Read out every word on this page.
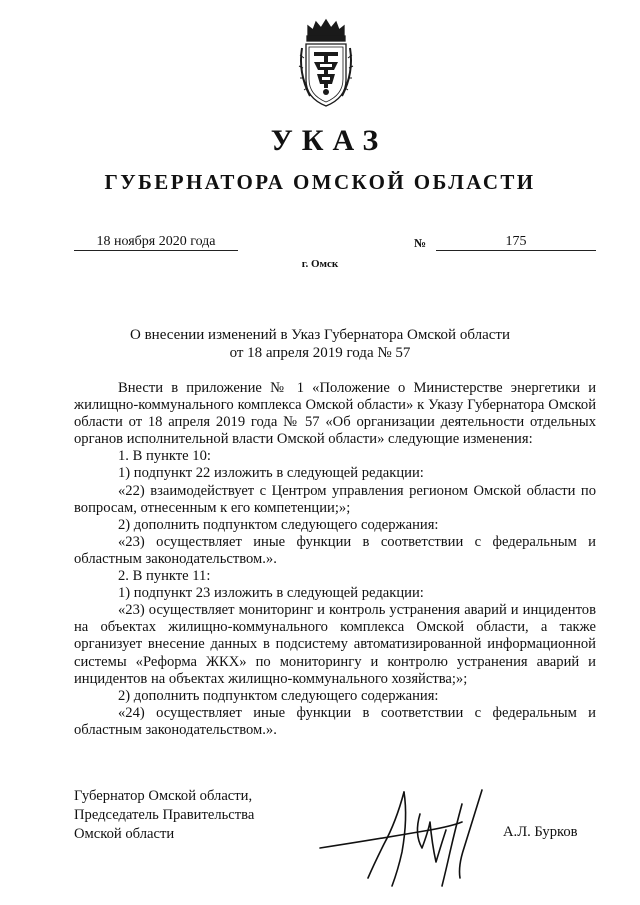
УКАЗ
ГУБЕРНАТОРА ОМСКОЙ ОБЛАСТИ
18 ноября 2020 года	№	175
г. Омск
О внесении изменений в Указ Губернатора Омской области
от 18 апреля 2019 года № 57

Внести в приложение № 1 «Положение о Министерстве энергетики и жилищно-коммунального комплекса Омской области» к Указу Губернатора Омской области от 18 апреля 2019 года № 57 «Об организации деятельности отдельных органов исполнительной власти Омской области» следующие изменения:

1. В пункте 10:

1) подпункт 22 изложить в следующей редакции:

«22) взаимодействует с Центром управления регионом Омской области по вопросам, отнесенным к его компетенции;»;

2) дополнить подпунктом следующего содержания:

«23) осуществляет иные функции в соответствии с федеральным и областным законодательством.».

2. В пункте 11:

1) подпункт 23 изложить в следующей редакции:

«23) осуществляет мониторинг и контроль устранения аварий и инцидентов на объектах жилищно-коммунального комплекса Омской области, а также организует внесение данных в подсистему автоматизированной информационной системы «Реформа ЖКХ» по мониторингу и контролю устранения аварий и инцидентов на объектах жилищно-коммунального хозяйства;»;

2) дополнить подпунктом следующего содержания:

«24) осуществляет иные функции в соответствии с федеральным и областным законодательством.».

Губернатор Омской области,
Председатель Правительства
Омской области	А.Л. Бурков
